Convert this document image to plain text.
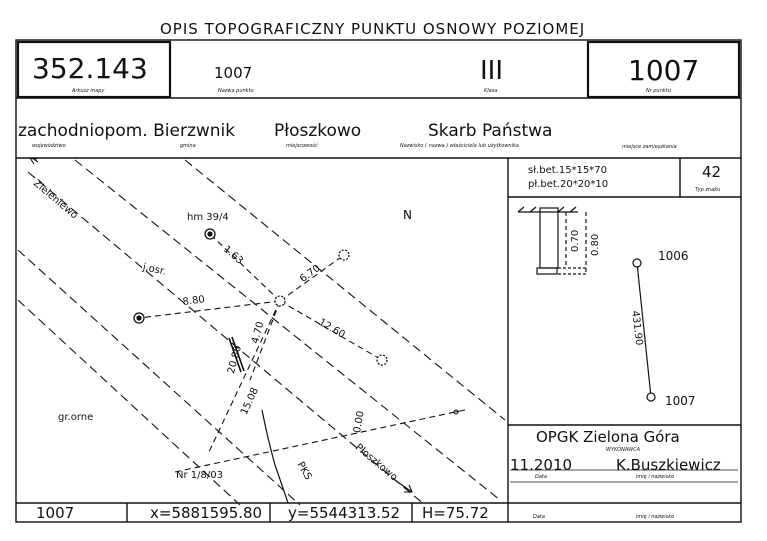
OPIS TOPOGRAFICZNY PUNKTU OSNOWY POZIOMEJ
352.143
Arkusz mapy
1007
Nazwa punktu
III
Klasa
1007
Nr punktu
zachodniopom. Bierzwnik
województwo	gmina
Płoszkowo
miejscowość
Skarb Państwa
Nazwisko ( nazwa ) właściciela lub użytkownika	miejsce zamieszkania
Zieleniewo
Płoszkowo
N
hm 39/4
j.osr.
gr.orne
PKS
Nr 1/8/03
1.63
6.70
8.80
12.60
4.70
20.80
15.08
0.00
sł.bet.15*15*70
pł.bet.20*20*10
42
Typ znaku
0.70 0.80	1006
1007
431.90
OPGK Zielona Góra
WYKONAWCA
11.2010
Data
K.Buszkiewicz
imię i nazwisko
1007	x=5881595.80 y=5544313.52 H=75.72	Data	imię i nazwisko
